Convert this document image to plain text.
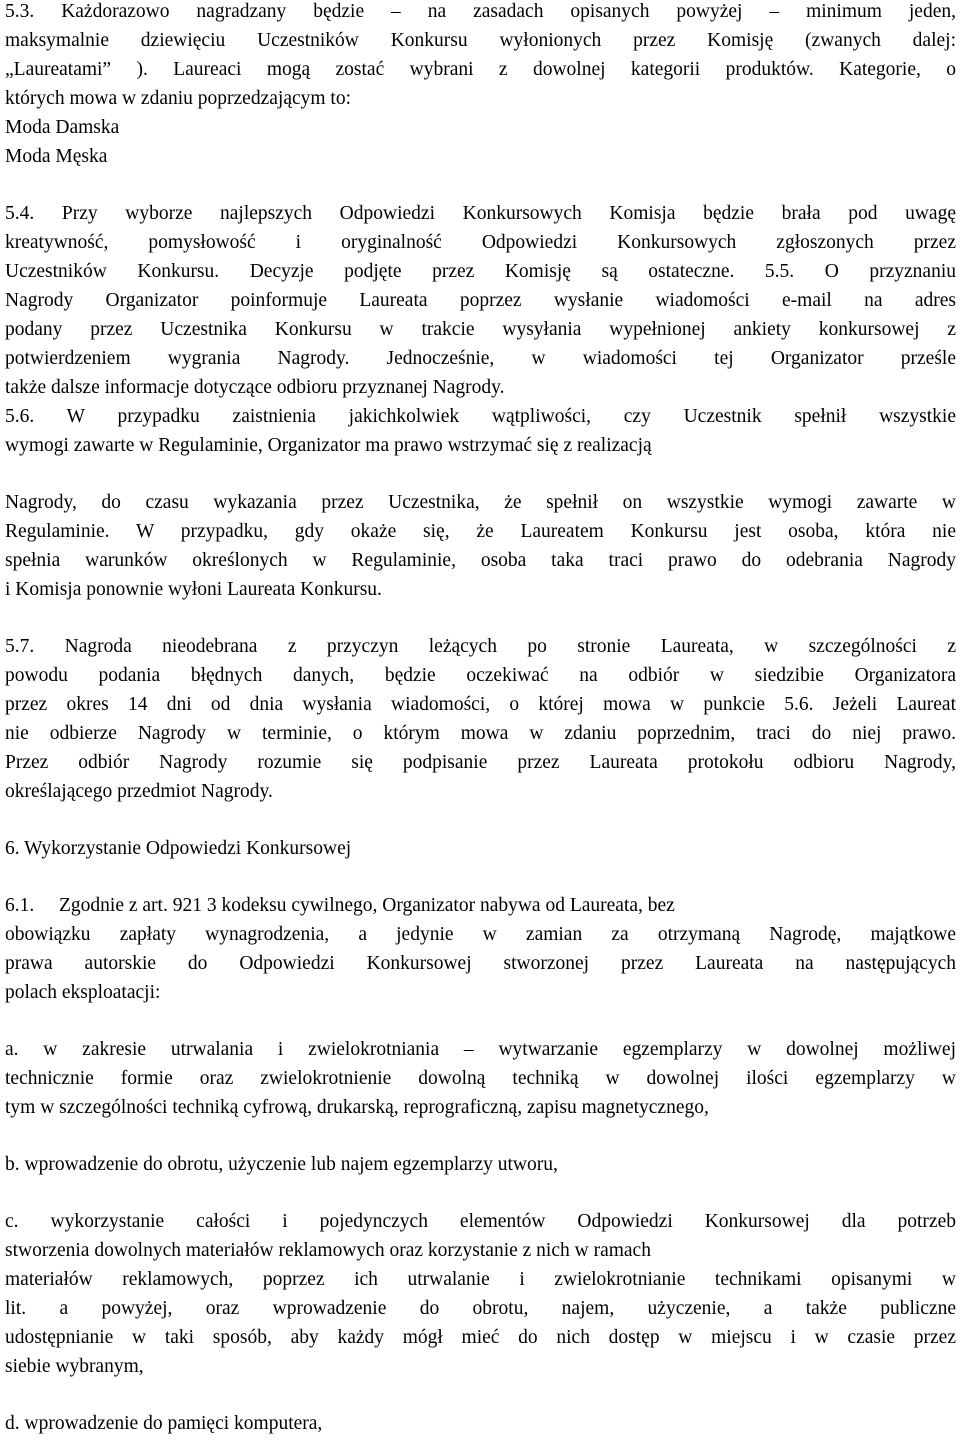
5.3. Każdorazowo nagradzany będzie – na zasadach opisanych powyżej – minimum jeden,
maksymalnie dziewięciu Uczestników Konkursu wyłonionych przez Komisję (zwanych dalej:
„Laureatami” ). Laureaci mogą zostać wybrani z dowolnej kategorii produktów. Kategorie, o
których mowa w zdaniu poprzedzającym to:
Moda Damska
Moda Męska
5.4. Przy wyborze najlepszych Odpowiedzi Konkursowych Komisja będzie brała pod uwagę
kreatywność, pomysłowość i oryginalność Odpowiedzi Konkursowych zgłoszonych przez
Uczestników Konkursu. Decyzje podjęte przez Komisję są ostateczne. 5.5. O przyznaniu
Nagrody Organizator poinformuje Laureata poprzez wysłanie wiadomości e-mail na adres
podany przez Uczestnika Konkursu w trakcie wysyłania wypełnionej ankiety konkursowej z
potwierdzeniem wygrania Nagrody. Jednocześnie, w wiadomości tej Organizator prześle
także dalsze informacje dotyczące odbioru przyznanej Nagrody.
5.6. W przypadku zaistnienia jakichkolwiek wątpliwości, czy Uczestnik spełnił wszystkie
wymogi zawarte w Regulaminie, Organizator ma prawo wstrzymać się z realizacją
Nagrody, do czasu wykazania przez Uczestnika, że spełnił on wszystkie wymogi zawarte w
Regulaminie. W przypadku, gdy okaże się, że Laureatem Konkursu jest osoba, która nie
spełnia warunków określonych w Regulaminie, osoba taka traci prawo do odebrania Nagrody
i Komisja ponownie wyłoni Laureata Konkursu.
5.7. Nagroda nieodebrana z przyczyn leżących po stronie Laureata, w szczególności z
powodu podania błędnych danych, będzie oczekiwać na odbiór w siedzibie Organizatora
przez okres 14 dni od dnia wysłania wiadomości, o której mowa w punkcie 5.6. Jeżeli Laureat
nie odbierze Nagrody w terminie, o którym mowa w zdaniu poprzednim, traci do niej prawo.
Przez odbiór Nagrody rozumie się podpisanie przez Laureata protokołu odbioru Nagrody,
określającego przedmiot Nagrody.
6. Wykorzystanie Odpowiedzi Konkursowej
6.1. Zgodnie z art. 921 3 kodeksu cywilnego, Organizator nabywa od Laureata, bez
obowiązku zapłaty wynagrodzenia, a jedynie w zamian za otrzymaną Nagrodę, majątkowe
prawa autorskie do Odpowiedzi Konkursowej stworzonej przez Laureata na następujących
polach eksploatacji:
a. w zakresie utrwalania i zwielokrotniania – wytwarzanie egzemplarzy w dowolnej możliwej
technicznie formie oraz zwielokrotnienie dowolną techniką w dowolnej ilości egzemplarzy w
tym w szczególności techniką cyfrową, drukarską, reprograficzną, zapisu magnetycznego,
b. wprowadzenie do obrotu, użyczenie lub najem egzemplarzy utworu,
c. wykorzystanie całości i pojedynczych elementów Odpowiedzi Konkursowej dla potrzeb
stworzenia dowolnych materiałów reklamowych oraz korzystanie z nich w ramach
materiałów reklamowych, poprzez ich utrwalanie i zwielokrotnianie technikami opisanymi w
lit. a powyżej, oraz wprowadzenie do obrotu, najem, użyczenie, a także publiczne
udostępnianie w taki sposób, aby każdy mógł mieć do nich dostęp w miejscu i w czasie przez
siebie wybranym,
d. wprowadzenie do pamięci komputera,
